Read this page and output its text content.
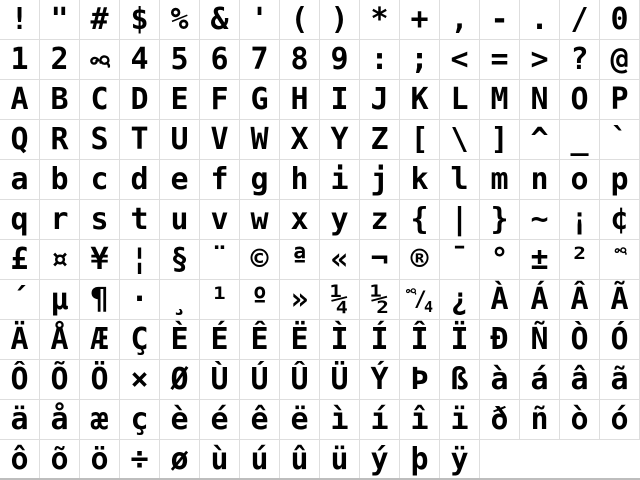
! " # $ % & ' ( ) * + , - . / 0
1 2	4 5 6 7 8 9 : ; < = > ? @
A B C D E F G H I J K L M N O P
Q R S T U V W X Y Z [ \ ] ^ _ `
a b c d e f g h i j k l m n o p
q r s t u v w x y z { | } ~ ¡ ¢
£ ¤ ¥ ¦ § ¨ © ª « ¬ ® ¯ ° ± ²
´ µ ¶ · ¸ ¹ º » ¼ ½	/
4 ¿ À Á Â Ã
Ä Å Æ Ç È É Ê Ë Ì Í Î Ï Ð Ñ Ò Ó
Ô Õ Ö × Ø Ù Ú Û Ü Ý Þ ß à á â ã
ä å æ ç è é ê ë ì í î ï ð ñ ò ó
ô õ ö ÷ ø ù ú û ü ý þ ÿ
